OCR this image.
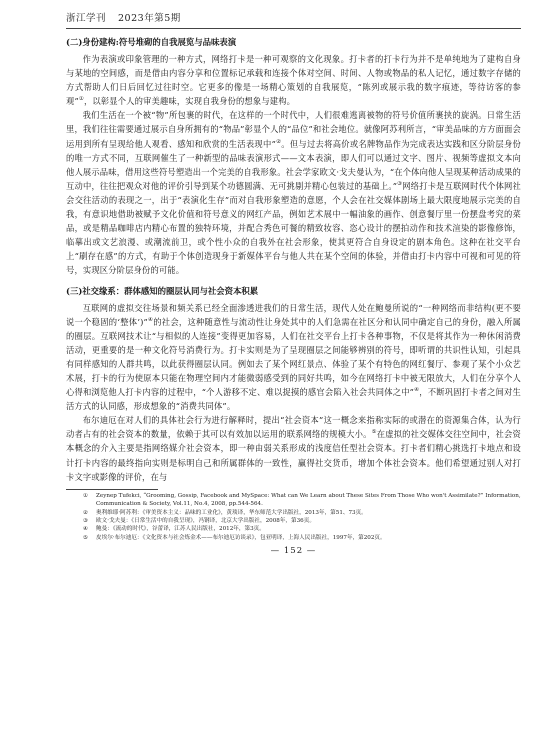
浙江学刊 2023年第5期
(二)身份建构:符号堆砌的自我展览与品味表演

作为表演或印象管理的一种方式，网络打卡是一种可观察的文化现象。打卡者的打卡行为并不是单纯地为了建构自身与某地的空间感，而是借由内容分享和位置标记承载和连接个体对空间、时间、人物或物品的私人记忆，通过数字存储的方式帮助人们日后回忆过往时空。它更多的像是一场精心策划的自我展览，“陈列或展示我的数字痕迹，等待访客的参观”①，以彰显个人的审美趣味，实现自我身份的想象与建构。

我们生活在一个被“物”所包裹的时代，在这样的一个时代中，人们很难逃离被物的符号价值所裹挟的旋涡。日常生活里，我们往往需要通过展示自身所拥有的“物品”彰显个人的“品位”和社会地位。就像阿苏利所言，“审美品味的方方面面会运用到所有呈现给他人观看、感知和欣赏的生活表现中”②。但与过去将高价或名牌物品作为完成表达实践和区分阶层身份的唯一方式不同，互联网催生了一种新型的品味表演形式——文本表演，即人们可以通过文字、图片、视频等虚拟文本向他人展示品味，借用这些符号塑造出一个完美的自我形象。社会学家欧文·戈夫曼认为，“在个体向他人呈现某种活动成果的互动中，往往把观众对他的评价引导到某个功德圆满、无可挑剔并精心包装过的基础上。”③网络打卡是互联网时代个体网社会交往活动的表现之一，出于“表演化生存”而对自我形象塑造的意愿，个人会在社交媒体剧场上最大限度地展示完美的自我，有意识地借助被赋予文化价值和符号意义的网红产品，例如艺术展中一幅油象的画作、创意餐厅里一份摆盘考究的菜品，或是精品咖啡店内精心布置的独特环境，并配合秀色可餐的精致妆容、恣心设计的摆拍动作和技术渲染的影像修饰，临摹出或文艺浪漫、或潮流前卫，或个性小众的自我外在社会形象，使其更符合自身设定的剧本角色。这种在社交平台上“刷存在感”的方式，有助于个体创造现身于新媒体平台与他人共在某个空间的体验，并借由打卡内容中可视和可见的符号，实现区分阶层身份的可能。

(三)社交缘系：群体感知的圈层认同与社会资本积累

互联网的虚拟交往场景和频关系已经全面渗透进我们的日常生活，现代人处在鲍曼所说的“一种网络而非结构(更不要说一个稳固的‘整体’)”④的社会，这种随意性与流动性让身处其中的人们急需在社区分和认同中确定自己的身份，融入所属的圈层。互联网技术让“与相似的人连接”变得更加容易，人们在社交平台上打卡各种事物，不仅是将其作为一种休闲消费活动，更重要的是一种文化符号消费行为。打卡实则是为了呈现圈层之间能够辨别的符号，即听谓的共识性认知，引起具有同样感知的人群共鸣，以此获得圈层认同。例如去了某个网红景点、体验了某个有特色的网红餐厅、参观了某个小众艺术展，打卡的行为使原本只能在物理空间内才能微弱感受到的同好共鸣，如今在网络打卡中被无限放大，人们在分享个人心得和浏览他人打卡内容的过程中，“个人游移不定、难以捉摸的感官会陷入社会共同体之中”④，不断巩固打卡者之间对生活方式的认同感，形成想象的“消费共同体”。

布尔迪厄在对人们的具体社会行为进行解释时，提出“社会资本”这一概念来指称实际的或潜在的资源集合体，认为行动者占有的社会资本的数量，依赖于其可以有效加以运用的联系网络的规模大小。⑤在虚拟的社交媒体交往空间中，社会资本概念的介入主要是指网络媒介社会资本，即一种由弱关系形成的浅度信任型社会资本。打卡者们精心挑选打卡地点和设计打卡内容的最终指向实则是标明自己和所属群体的一致性，赢得社交货币，增加个体社会资本。他们希望通过别人对打卡文字或影像的评价，在与

① Zeynep Tufekci, “Grooming, Gossip, Facebook and MySpace: What can We Learn about These Sites From Those Who won't Assimilate?” Information, Communication & Society, Vol.11, No.4, 2008, pp.544-564.
② 奥利维耶·阿苏利：《审美资本主义：品味的工业化》，黄琰译，华东师范大学出版社，2013年，第51、73页。
③ 欧文·戈夫曼：《日常生活中的自我呈现》，冯钢译，北京大学出版社，2008年，第36页。
④ 鲍曼：《流动的时代》，谷蕾译，江苏人民出版社，2012年，第3页。
⑤ 皮埃尔·布尔迪厄：《文化资本与社会炼金术——布尔迪厄访谈录》，包亚明译，上海人民出版社，1997年，第202页。
— 152 —
